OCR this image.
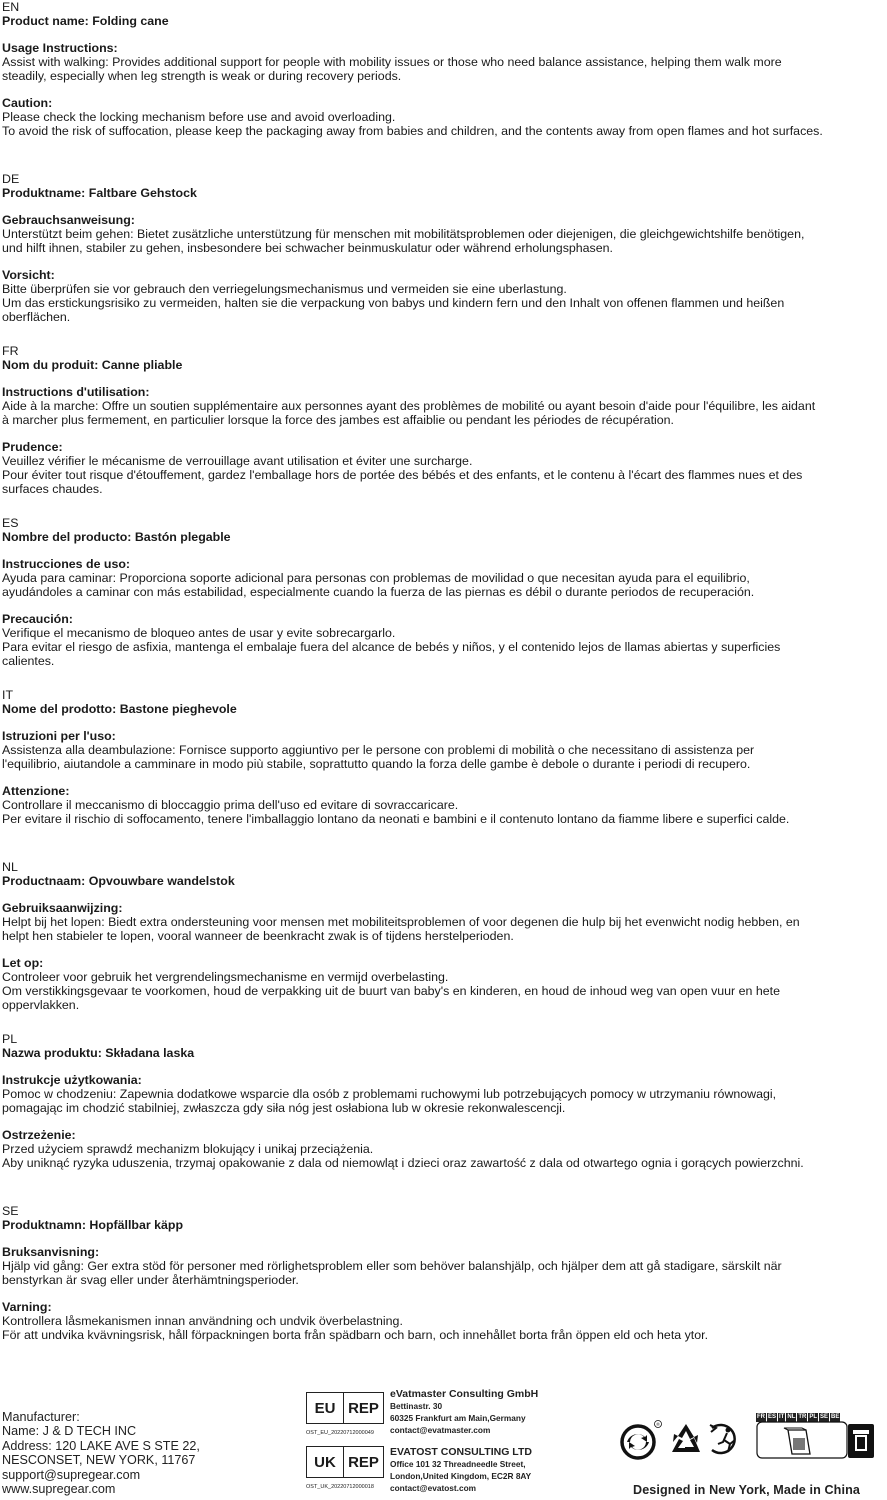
EN
Product name: Folding cane
Usage Instructions:
Assist with walking: Provides additional support for people with mobility issues or those who need balance assistance, helping them walk more
steadily, especially when leg strength is weak or during recovery periods.
Caution:
Please check the locking mechanism before use and avoid overloading.
To avoid the risk of suffocation, please keep the packaging away from babies and children, and the contents away from open flames and hot surfaces.
DE
Produktname: Faltbare Gehstock
Gebrauchsanweisung:
Unterstützt beim gehen: Bietet zusätzliche unterstützung für menschen mit mobilitätsproblemen oder diejenigen, die gleichgewichtshilfe benötigen,
und hilft ihnen, stabiler zu gehen, insbesondere bei schwacher beinmuskulatur oder während erholungsphasen.
Vorsicht:
Bitte überprüfen sie vor gebrauch den verriegelungsmechanismus und vermeiden sie eine uberlastung.
Um das erstickungsrisiko zu vermeiden, halten sie die verpackung von babys und kindern fern und den Inhalt von offenen flammen und heißen
oberflächen.
FR
Nom du produit: Canne pliable
Instructions d'utilisation:
Aide à la marche: Offre un soutien supplémentaire aux personnes ayant des problèmes de mobilité ou ayant besoin d'aide pour l'équilibre, les aidant
à marcher plus fermement, en particulier lorsque la force des jambes est affaiblie ou pendant les périodes de récupération.
Prudence:
Veuillez vérifier le mécanisme de verrouillage avant utilisation et éviter une surcharge.
Pour éviter tout risque d'étouffement, gardez l'emballage hors de portée des bébés et des enfants, et le contenu à l'écart des flammes nues et des
surfaces chaudes.
ES
Nombre del producto: Bastón plegable
Instrucciones de uso:
Ayuda para caminar: Proporciona soporte adicional para personas con problemas de movilidad o que necesitan ayuda para el equilibrio,
ayudándoles a caminar con más estabilidad, especialmente cuando la fuerza de las piernas es débil o durante periodos de recuperación.
Precaución:
Verifique el mecanismo de bloqueo antes de usar y evite sobrecargarlo.
Para evitar el riesgo de asfixia, mantenga el embalaje fuera del alcance de bebés y niños, y el contenido lejos de llamas abiertas y superficies
calientes.
IT
Nome del prodotto: Bastone pieghevole
Istruzioni per l'uso:
Assistenza alla deambulazione: Fornisce supporto aggiuntivo per le persone con problemi di mobilità o che necessitano di assistenza per
l'equilibrio, aiutandole a camminare in modo più stabile, soprattutto quando la forza delle gambe è debole o durante i periodi di recupero.
Attenzione:
Controllare il meccanismo di bloccaggio prima dell'uso ed evitare di sovraccaricare.
Per evitare il rischio di soffocamento, tenere l'imballaggio lontano da neonati e bambini e il contenuto lontano da fiamme libere e superfici calde.
NL
Productnaam: Opvouwbare wandelstok
Gebruiksaanwijzing:
Helpt bij het lopen: Biedt extra ondersteuning voor mensen met mobiliteitsproblemen of voor degenen die hulp bij het evenwicht nodig hebben, en
helpt hen stabieler te lopen, vooral wanneer de beenkracht zwak is of tijdens herstelperioden.
Let op:
Controleer voor gebruik het vergrendelingsmechanisme en vermijd overbelasting.
Om verstikkingsgevaar te voorkomen, houd de verpakking uit de buurt van baby's en kinderen, en houd de inhoud weg van open vuur en hete
oppervlakken.
PL
Nazwa produktu: Składana laska
Instrukcje użytkowania:
Pomoc w chodzeniu: Zapewnia dodatkowe wsparcie dla osób z problemami ruchowymi lub potrzebujących pomocy w utrzymaniu równowagi,
pomagając im chodzić stabilniej, zwłaszcza gdy siła nóg jest osłabiona lub w okresie rekonwalescencji.
Ostrzeżenie:
Przed użyciem sprawdź mechanizm blokujący i unikaj przeciążenia.
Aby uniknąć ryzyka uduszenia, trzymaj opakowanie z dala od niemowląt i dzieci oraz zawartość z dala od otwartego ognia i gorących powierzchni.
SE
Produktnamn: Hopfällbar käpp
Bruksanvisning:
Hjälp vid gång: Ger extra stöd för personer med rörlighetsproblem eller som behöver balanshjälp, och hjälper dem att gå stadigare, särskilt när
benstyrkan är svag eller under återhämtningsperioder.
Varning:
Kontrollera låsmekanismen innan användning och undvik överbelastning.
För att undvika kvävningsrisk, håll förpackningen borta från spädbarn och barn, och innehållet borta från öppen eld och heta ytor.
Manufacturer:
Name: J & D TECH INC
Address: 120 LAKE AVE S STE 22,
NESCONSET, NEW YORK, 11767
support@supregear.com
www.supregear.com
EU REP
OST_EU_20220712000049
eVatmaster Consulting GmbH
Bettinastr. 30
60325 Frankfurt am Main,Germany
contact@evatmaster.com
UK REP
OST_UK_20220712000018
EVATOST CONSULTING LTD
Office 101 32 Threadneedle Street,
London,United Kingdom, EC2R 8AY
contact@evatost.com
FR ES IT NL TR PL SE BE
®
Designed in New York, Made in China
